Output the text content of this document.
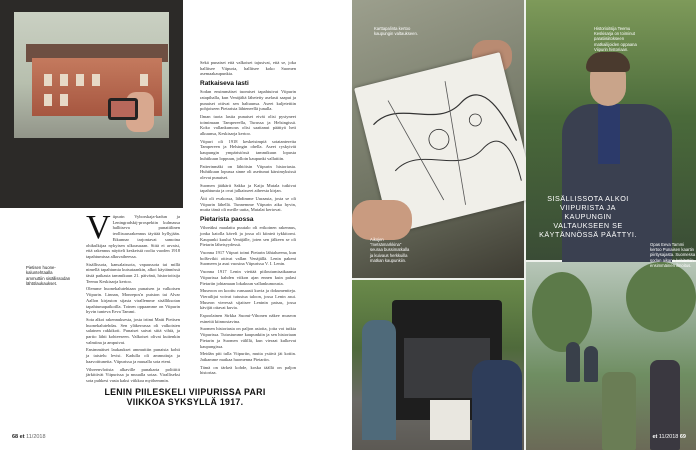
Pietisen huone-kaluntehtaalla ammuttiin sisällissodan lähtölaukaukset.
V iipurin Vyborskaja-kadun ja Leningradskij-prospektin kulmassa hallitseva punatiilinen teollisuusrakennus täyttää hyllyjään. Eikunnar tarjontavat samoina ohikulkijaa nykyisen ulkoasuaan. Siitä ei arvaisi, että rakennus näytteli keskeistä roolia vuoden 1918 tapahtumissa alkuvaiheessa.

Sisällissota, kansalaissota, vapaussota tai millä nimellä tapahtumia kutsutaankin, alkoi käytännössä tästä paikasta tammikuun 21. päivänä, historioitsija Teemu Keskisarja kertoo.

Olemme huonekalutehtaan punaisen ja valkoisen Viipurin. Linnan, Monrepos'n puiston tai Alvar Aallon kirjaston sijasta virallemme sisälliksotan tapahtumapaikoilla. Toinen oppaamme on Viipurin hyvin tunteva Eeva Tammi.

Sota alkoi rakennuksesta, josta irtimi Matti Pietisen huonekalutehdas. Sen yläkerrassa oli valkoisten salainen rakkikoti. Punaiset saivat siitä vihiä, ja partio lähti kohteeseen. Valkoiset olivat kuitenkin valmiina ja ampuivat.

Ensimmäiset laukaukset ammuttiin punaisia kohti ja taistelu levisi. Kadulla oli ammuttuja ja haavoittuneita. Viipurissa ja muualla sota eteni.

Vihreenvlotista alkaville punakarta politiitit järkittivät Viipurissa ja muualla sotaa. Viralliseksi sota puhkesi vasta kaksi viikkoa myöhemmin.

Sekä punaiset että valkoiset tajusivat, että se, joka hallitsee Viipuria, hallitsee koko Suomen asemaakaupunkia.

Ratkaiseva lasti

Sodan ensimmäiset tuomiset tapahtuivat Viipurin ratapihalla, kun Venäjältä lähetetty aselasti saapui ja punaiset ottivat sen haltuunsa. Aseet kuljetettiin pohjoiseen Pietarista lähteneellä junalla.

Ilman tuota lastia punaiset eivät olisi pystyneet toimimaan Tampereella, Turussa ja Helsingissä. Koko vallankumous olisi saattanut päättyä heti alkuunsa, Keskisarja kertoo.

Viipuri oli 1918 keskeisimpiä sotatantereita Tampereen ja Helsingin ohella. Aseet ryskyivät kaupungin ympäristössä tammikuun lopusta huhtikuun loppuun, jolloin kaupunki vallattiin.

Patterinmäki on lähtöisin Viipurin historiasta. Huhtikuun lopussa sinne oli asettunut kärsimyksissä olevat punaiset.

Suomen jääkärit Sakka ja Kaija Mutala tutkivat tapahtumia ja ovat julkaisseet aiheesta kirjan.

Äiti oli evakossa, lähdimme Uuraasta, josta se oli Viipurin lähellä. Tunnemme Viipurin aika hyvin, mutta tämä oli meille uutta, Mutalat kertovat.

Pietarista paossa

Vihreäksi maalattu puutalo oli erikoinen rakennus, jonka katolla käveli ja jossa oli kiinteä tykkitorni. Kaupunki kuului Venäjälle, joten sen jälkeen se oli Pietarin läheisyydessä.

Vuonna 1917 Viipuri toimi Pietarin lähialueena, kun bolševikit ottivat vallan Venäjällä. Lenin pakeni Suomeen ja asui vuosina Viipurissa V. I. Lenin.

Vuonna 1917 Lenin viettää piiloutumisaikaansa Viipurissa kahden viikon ajan ennen kuin palasi Pietariin johtamaan lokakuun vallankumousta.

Museoon on koottu runsaasti kuvia ja dokumentteja. Vierailijat voivat tutustua taloon, jossa Lenin asui. Museon vieressä sijaitsee Leninin patsas, jossa kävijät ottavat kuvia.

Espoolainen Sirkka Suomi-Vihonen näkee museon esineitä kiinnostavina.

Suomen historiasta on paljon asioita, joita voi tutkia Viipurissa. Tutustumme kaupunkiin ja sen historiaan Pietarin ja Suomen välillä, kun vieraat kulkevat kaupungissa.

Meidän piti tulla Viipuriin, mutta ystävä jäi kotiin. Jatkamme matkaa huomenna Pietariin.

Tämä on tärkeä kohde, koska täällä on paljon historiaa.

LENIN PIILESKELI VIIPURISSA PARI VIIKKOA SYKSYLLÄ 1917.
68 et 11/2018
Karttapalinta kertoo kaupungin valtaukseen.
Historioitsija Teemu Keskisarja on toiminut paratiisiitokseen matkailijoiden oppaana Viipurin historiaan.
Opas Eeva Tammi kertoo Punaisen kaartin piiritysajasta. Suomessa sodan aikana kehitettiin ensimmäinen ilmoitus.
Aikojen "metsämarkkina" seuraa bussimatkalla ja kuivaus herkkuilla matkan kaupunkiin.
SISÄLLISSOTA ALKOI VIIPURISTA JA KAUPUNGIN VALTAUKSEEN SE KÄYTÄNNÖSSÄ PÄÄTTYI.
et 11/2018 69
